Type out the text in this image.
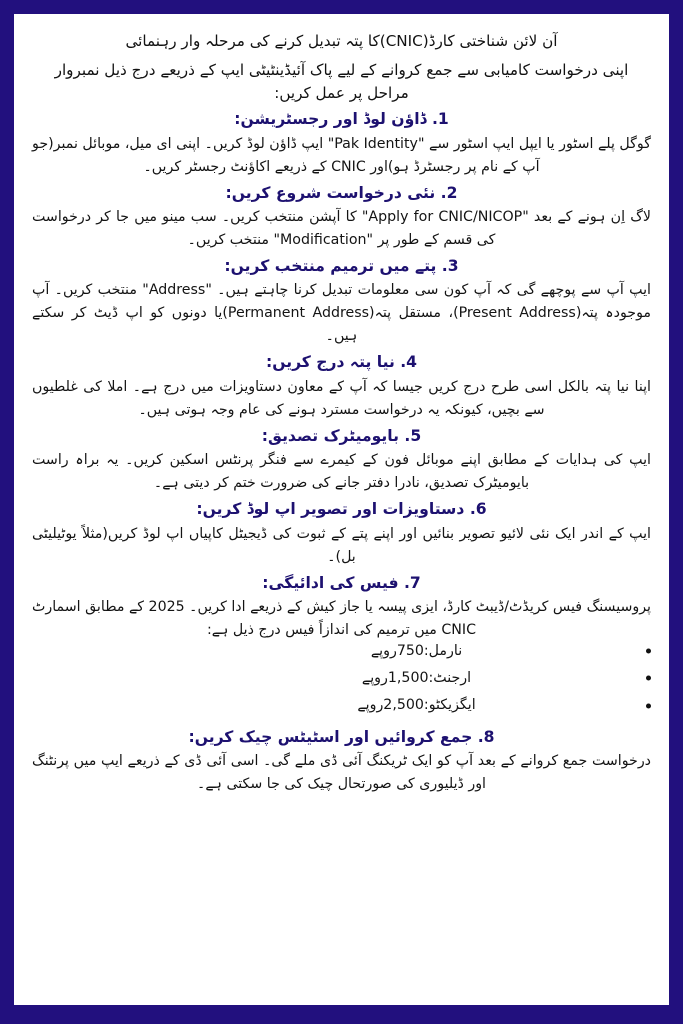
آن لائن شناختی کارڈ(CNIC)کا پتہ تبدیل کرنے کی مرحلہ وار رہنمائی
اپنی درخواست کامیابی سے جمع کروانے کے لیے پاک آئیڈینٹیٹی ایپ کے ذریعے درج ذیل نمبروار مراحل پر عمل کریں:
1. ڈاؤن لوڈ اور رجسٹریشن:
گوگل پلے اسٹور یا ایپل ایپ اسٹور سے "Pak Identity" ایپ ڈاؤن لوڈ کریں۔ اپنی ای میل، موبائل نمبر(جو آپ کے نام پر رجسٹرڈ ہو)اور CNIC کے ذریعے اکاؤنٹ رجسٹر کریں۔
2. نئی درخواست شروع کریں:
لاگ اِن ہونے کے بعد "Apply for CNIC/NICOP" کا آپشن منتخب کریں۔ سب مینو میں جا کر درخواست کی قسم کے طور پر "Modification" منتخب کریں۔
3. پتے میں ترمیم منتخب کریں:
ایپ آپ سے پوچھے گی کہ آپ کون سی معلومات تبدیل کرنا چاہتے ہیں۔ "Address" منتخب کریں۔ آپ موجودہ پتہ(Present Address)، مستقل پتہ(Permanent Address)یا دونوں کو اپ ڈیٹ کر سکتے ہیں۔
4. نیا پتہ درج کریں:
اپنا نیا پتہ بالکل اسی طرح درج کریں جیسا کہ آپ کے معاون دستاویزات میں درج ہے۔ املا کی غلطیوں سے بچیں، کیونکہ یہ درخواست مسترد ہونے کی عام وجہ ہوتی ہیں۔
5. بایومیٹرک تصدیق:
ایپ کی ہدایات کے مطابق اپنے موبائل فون کے کیمرے سے فنگر پرنٹس اسکین کریں۔ یہ براہ راست بایومیٹرک تصدیق، نادرا دفتر جانے کی ضرورت ختم کر دیتی ہے۔
6. دستاویزات اور تصویر اپ لوڈ کریں:
ایپ کے اندر ایک نئی لائیو تصویر بنائیں اور اپنے پتے کے ثبوت کی ڈیجیٹل کاپیاں اپ لوڈ کریں(مثلاً یوٹیلیٹی بل)۔
7. فیس کی ادائیگی:
پروسیسنگ فیس کریڈٹ/ڈیبٹ کارڈ، ایزی پیسہ یا جاز کیش کے ذریعے ادا کریں۔ 2025 کے مطابق اسمارٹ CNIC میں ترمیم کی اندازاً فیس درج ذیل ہے:
نارمل:750روپے
ارجنٹ:1,500روپے
ایگزیکٹو:2,500روپے
8. جمع کروائیں اور اسٹیٹس چیک کریں:
درخواست جمع کروانے کے بعد آپ کو ایک ٹریکنگ آئی ڈی ملے گی۔ اسی آئی ڈی کے ذریعے ایپ میں پرنٹنگ اور ڈیلیوری کی صورتحال چیک کی جا سکتی ہے۔
